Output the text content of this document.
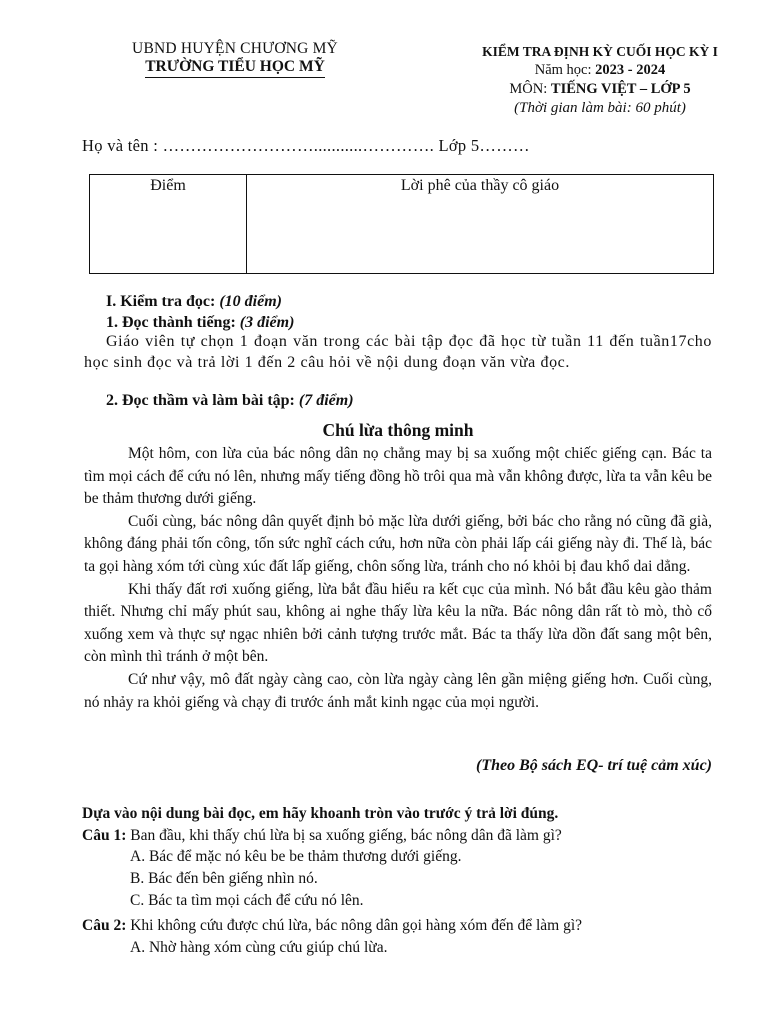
UBND HUYỆN CHƯƠNG MỸ
TRƯỜNG TIỂU HỌC MỸ
KIỂM TRA ĐỊNH KỲ CUỐI HỌC KỲ I
Năm học: 2023 - 2024
MÔN: TIẾNG VIỆT – LỚP 5
(Thời gian làm bài: 60 phút)
Họ và tên : ………………………...........…………. Lớp 5………
Điểm	Lời phê của thầy cô giáo
I. Kiểm tra đọc: (10 điểm)
1. Đọc thành tiếng: (3 điểm)
Giáo viên tự chọn 1 đoạn văn trong các bài tập đọc đã học từ tuần 11 đến tuần17cho học sinh đọc và trả lời 1 đến 2 câu hỏi về nội dung đoạn văn vừa đọc.
2. Đọc thầm và làm bài tập: (7 điểm)
Chú lừa thông minh

Một hôm, con lừa của bác nông dân nọ chẳng may bị sa xuống một chiếc giếng cạn. Bác ta tìm mọi cách để cứu nó lên, nhưng mấy tiếng đồng hồ trôi qua mà vẫn không được, lừa ta vẫn kêu be be thảm thương dưới giếng.

Cuối cùng, bác nông dân quyết định bỏ mặc lừa dưới giếng, bởi bác cho rằng nó cũng đã già, không đáng phải tốn công, tốn sức nghĩ cách cứu, hơn nữa còn phải lấp cái giếng này đi. Thế là, bác ta gọi hàng xóm tới cùng xúc đất lấp giếng, chôn sống lừa, tránh cho nó khỏi bị đau khổ dai dẳng.

Khi thấy đất rơi xuống giếng, lừa bắt đầu hiểu ra kết cục của mình. Nó bắt đầu kêu gào thảm thiết. Nhưng chỉ mấy phút sau, không ai nghe thấy lừa kêu la nữa. Bác nông dân rất tò mò, thò cổ xuống xem và thực sự ngạc nhiên bởi cảnh tượng trước mắt. Bác ta thấy lừa dồn đất sang một bên, còn mình thì tránh ở một bên.

Cứ như vậy, mô đất ngày càng cao, còn lừa ngày càng lên gần miệng giếng hơn. Cuối cùng, nó nhảy ra khỏi giếng và chạy đi trước ánh mắt kinh ngạc của mọi người.

(Theo Bộ sách EQ- trí tuệ cảm xúc)
Dựa vào nội dung bài đọc, em hãy khoanh tròn vào trước ý trả lời đúng.
Câu 1: Ban đầu, khi thấy chú lừa bị sa xuống giếng, bác nông dân đã làm gì?
A. Bác để mặc nó kêu be be thảm thương dưới giếng.
B. Bác đến bên giếng nhìn nó.
C. Bác ta tìm mọi cách để cứu nó lên.
Câu 2: Khi không cứu được chú lừa, bác nông dân gọi hàng xóm đến để làm gì?
A. Nhờ hàng xóm cùng cứu giúp chú lừa.
